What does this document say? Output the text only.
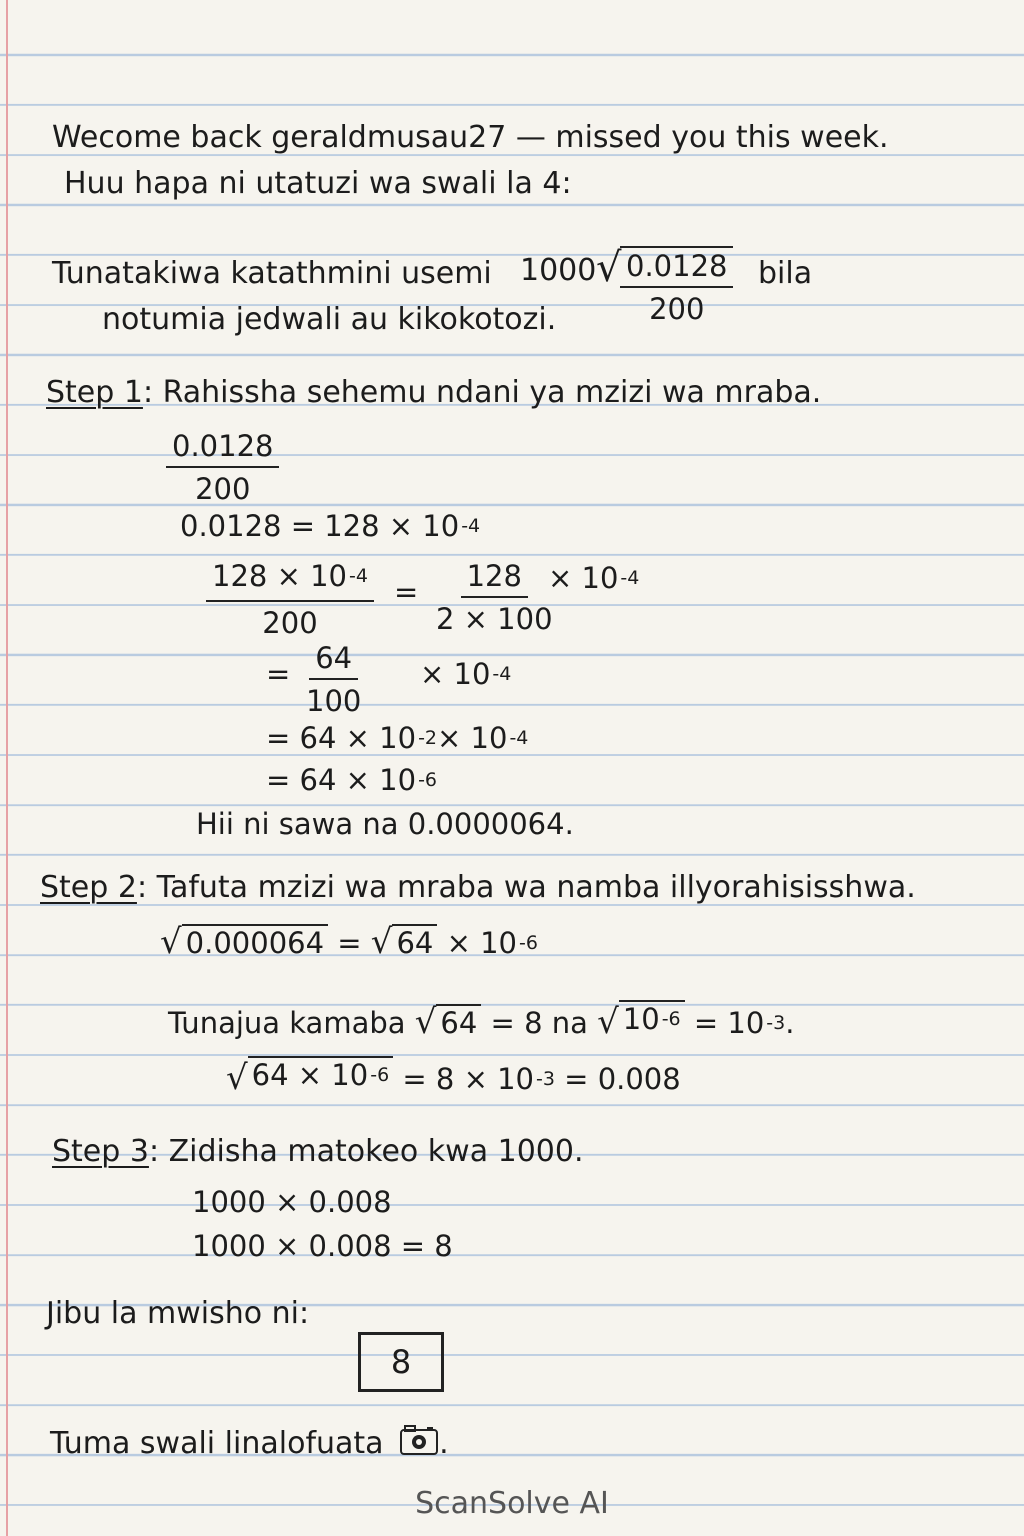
Wecome back geraldmusau27 — missed you this week.
Huu hapa ni utatuzi wa swali la 4:
Tunatakiwa katathmini usemi 1000 √
$\frac{0.0128}{200}$ bila
notumia jedwali au kikokotozi.
Step 1: Rahissha sehemu ndani ya mzizi wa mraba.
$\frac{0.0128}{200}$
0.0128 = 128 × 10 $^{-4}$
$\frac{128 \times 10 ^{-4}}{200} = \frac{128}{2 \times 100}$
× 10 $^{-4}$
= $\frac{64}{100} \times 10$ $^{-4}$
= 64 × 10 $^{-2}$× 10 $^{-4}$
= 64 × 10 $^{-6}$
Hii ni sawa na 0.0000064.
Step 2: Tafuta mzizi wa mraba wa namba illyorahisisshwa.
√ 0.000064 = √ 64 × 10 $^{-6}$
Tunajua kamaba √ 64 = 8 na √ 10 $^{-6}$ = 10 $^{-3}$.
√ 64 × 10 $^{-6}$ = 8 × 10 $^{-3}$ = 0.008
Step 3: Zidisha matokeo kwa 1000.
1000 × 0.008
1000 × 0.008 = 8
Jibu la mwisho ni:
8
Tuma swali linalofuata .
ScanSolve AI
